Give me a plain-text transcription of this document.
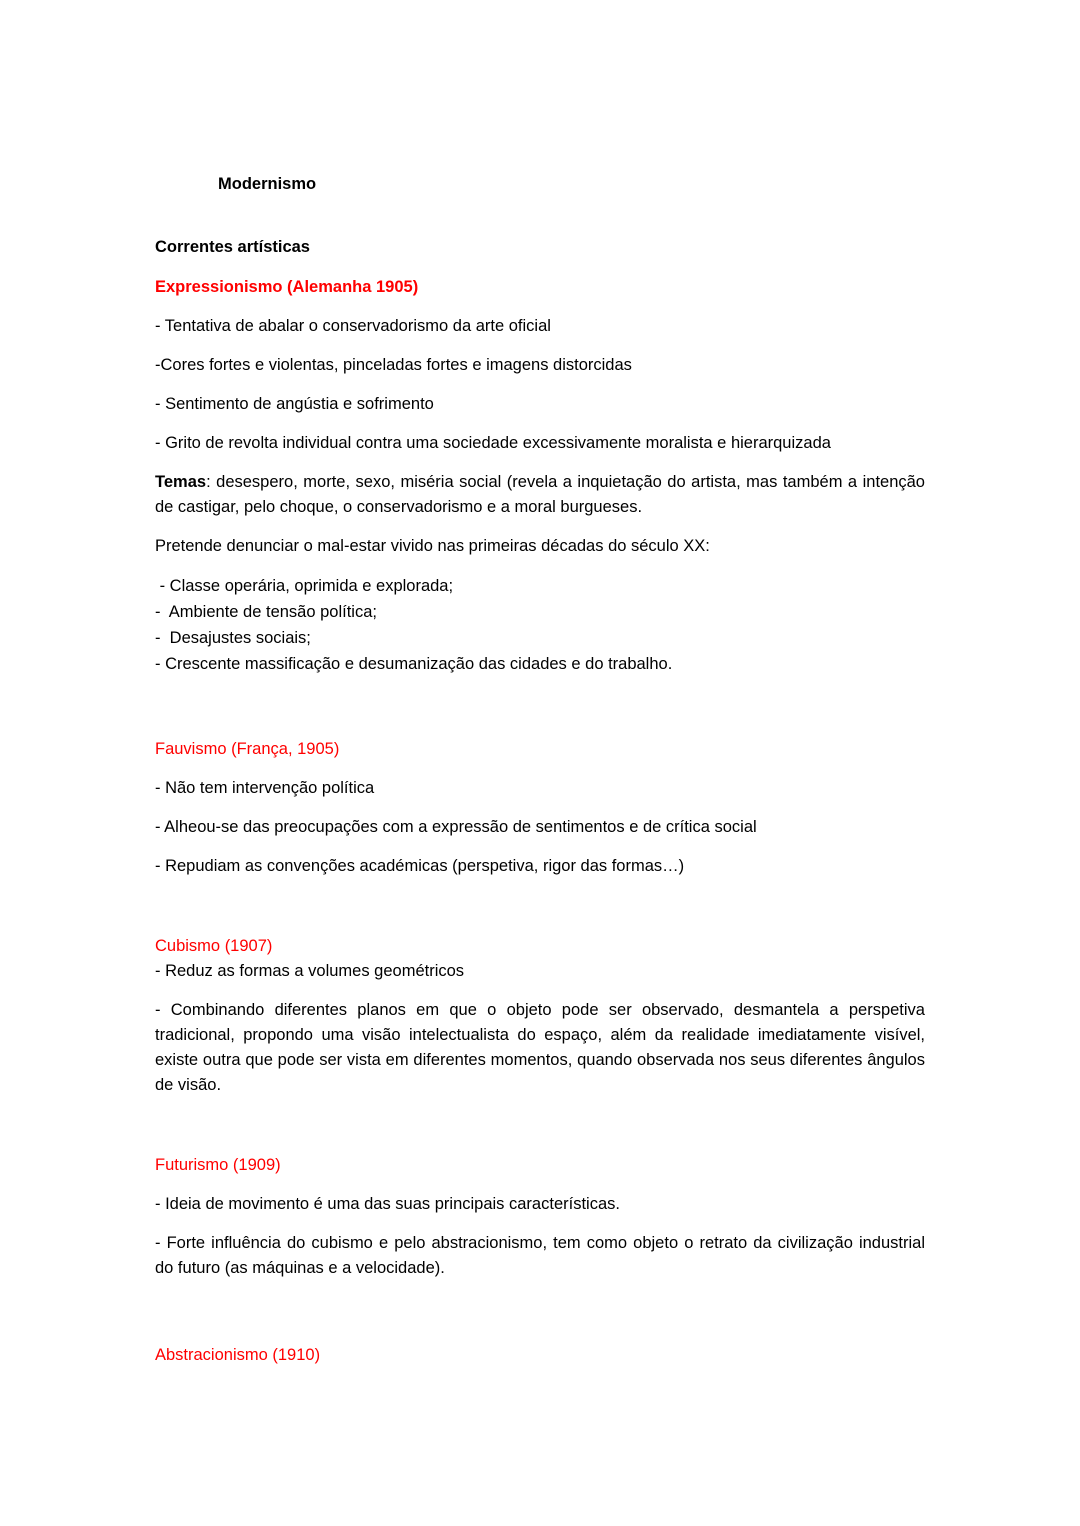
Modernismo

Correntes artísticas

Expressionismo (Alemanha 1905)

- Tentativa de abalar o conservadorismo da arte oficial

-Cores fortes e violentas, pinceladas fortes e imagens distorcidas

- Sentimento de angústia e sofrimento

- Grito de revolta individual contra uma sociedade excessivamente moralista e hierarquizada

Temas: desespero, morte, sexo, miséria social (revela a inquietação do artista, mas também a intenção de castigar, pelo choque, o conservadorismo e a moral burgueses.

Pretende denunciar o mal-estar vivido nas primeiras décadas do século XX:

- Classe operária, oprimida e explorada;

-  Ambiente de tensão política;

-  Desajustes sociais;

- Crescente massificação e desumanização das cidades e do trabalho.

Fauvismo (França, 1905)

- Não tem intervenção política

- Alheou-se das preocupações com a expressão de sentimentos e de crítica social

- Repudiam as convenções académicas (perspetiva, rigor das formas…)

Cubismo (1907)

- Reduz as formas a volumes geométricos

- Combinando diferentes planos em que o objeto pode ser observado, desmantela a perspetiva tradicional, propondo uma visão intelectualista do espaço, além da realidade imediatamente visível, existe outra que pode ser vista em diferentes momentos, quando observada nos seus diferentes ângulos de visão.

Futurismo (1909)

- Ideia de movimento é uma das suas principais características.

- Forte influência do cubismo e pelo abstracionismo, tem como objeto o retrato da civilização industrial do futuro (as máquinas e a velocidade).

Abstracionismo (1910)
